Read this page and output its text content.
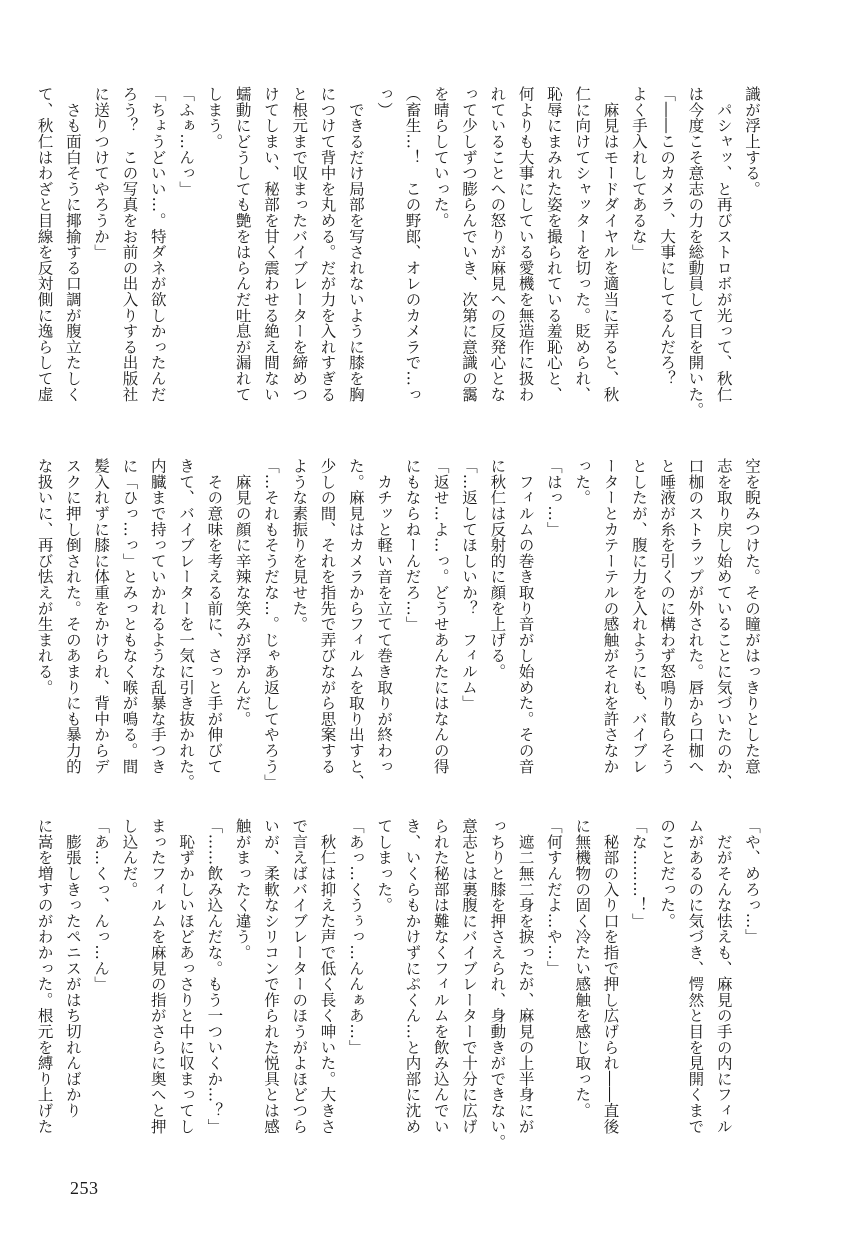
識が浮上する。
　パシャッ、と再びストロボが光って、秋仁
は今度こそ意志の力を総動員して目を開いた。
「――このカメラ、大事にしてるんだろ？
よく手入れしてあるな」
　麻見はモードダイヤルを適当に弄ると、秋
仁に向けてシャッターを切った。貶められ、
恥辱にまみれた姿を撮られている羞恥心と、
何よりも大事にしている愛機を無造作に扱わ
れていることへの怒りが麻見への反発心とな
って少しずつ膨らんでいき、次第に意識の靄
を晴らしていった。
（畜生…！　この野郎、オレのカメラで…っ
っ）
　できるだけ局部を写されないように膝を胸
につけて背中を丸める。だが力を入れすぎる
と根元まで収まったバイブレーターを締めつ
けてしまい、秘部を甘く震わせる絶え間ない
蠕動にどうしても艶をはらんだ吐息が漏れて
しまう。
「ふぁ…んっ」
「ちょうどいい…。特ダネが欲しかったんだ
ろう？　この写真をお前の出入りする出版社
に送りつけてやろうか」
　さも面白そうに揶揄する口調が腹立たしく
て、秋仁はわざと目線を反対側に逸らして虚
空を睨みつけた。その瞳がはっきりとした意
志を取り戻し始めていることに気づいたのか、
口枷のストラップが外された。唇から口枷へ
と唾液が糸を引くのに構わず怒鳴り散らそう
としたが、腹に力を入れようにも、バイブレ
ーターとカテーテルの感触がそれを許さなか
った。
「はっ…」
　フィルムの巻き取り音がし始めた。その音
に秋仁は反射的に顔を上げる。
「…返してほしいか？　フィルム」
「返せ…よ…っ。どうせあんたにはなんの得
にもならねーんだろ…」
　カチッと軽い音を立てて巻き取りが終わっ
た。麻見はカメラからフィルムを取り出すと、
少しの間、それを指先で弄びながら思案する
ような素振りを見せた。
「…それもそうだな…。じゃあ返してやろう」
　麻見の顔に辛辣な笑みが浮かんだ。
　その意味を考える前に、さっと手が伸びて
きて、バイブレーターを一気に引き抜かれた。
内臓まで持っていかれるような乱暴な手つき
に「ひっ…っ」とみっともなく喉が鳴る。間
髪入れずに膝に体重をかけられ、背中からデ
スクに押し倒された。そのあまりにも暴力的
な扱いに、再び怯えが生まれる。
「や、めろっ…」
　だがそんな怯えも、麻見の手の内にフィル
ムがあるのに気づき、愕然と目を見開くまで
のことだった。
「な………！」
　秘部の入り口を指で押し広げられ――直後
に無機物の固く冷たい感触を感じ取った。
「何すんだよ…や…」
　遮二無二身を捩ったが、麻見の上半身にが
っちりと膝を押さえられ、身動きができない。
意志とは裏腹にバイブレーターで十分に広げ
られた秘部は難なくフィルムを飲み込んでい
き、いくらもかけずにぷくん…と内部に沈め
てしまった。
「あっ…くうぅっ…んんぁあ…」
　秋仁は抑えた声で低く長く呻いた。大きさ
で言えばバイブレーターのほうがよほどつら
いが、柔軟なシリコンで作られた悦具とは感
触がまったく違う。
「……飲み込んだな。もう一ついくか…？」
　恥ずかしいほどあっさりと中に収まってし
まったフィルムを麻見の指がさらに奥へと押
し込んだ。
「あ…くっ、んっ…ん」
　膨張しきったペニスがはち切れんばかり
に嵩を増すのがわかった。根元を縛り上げた
253
